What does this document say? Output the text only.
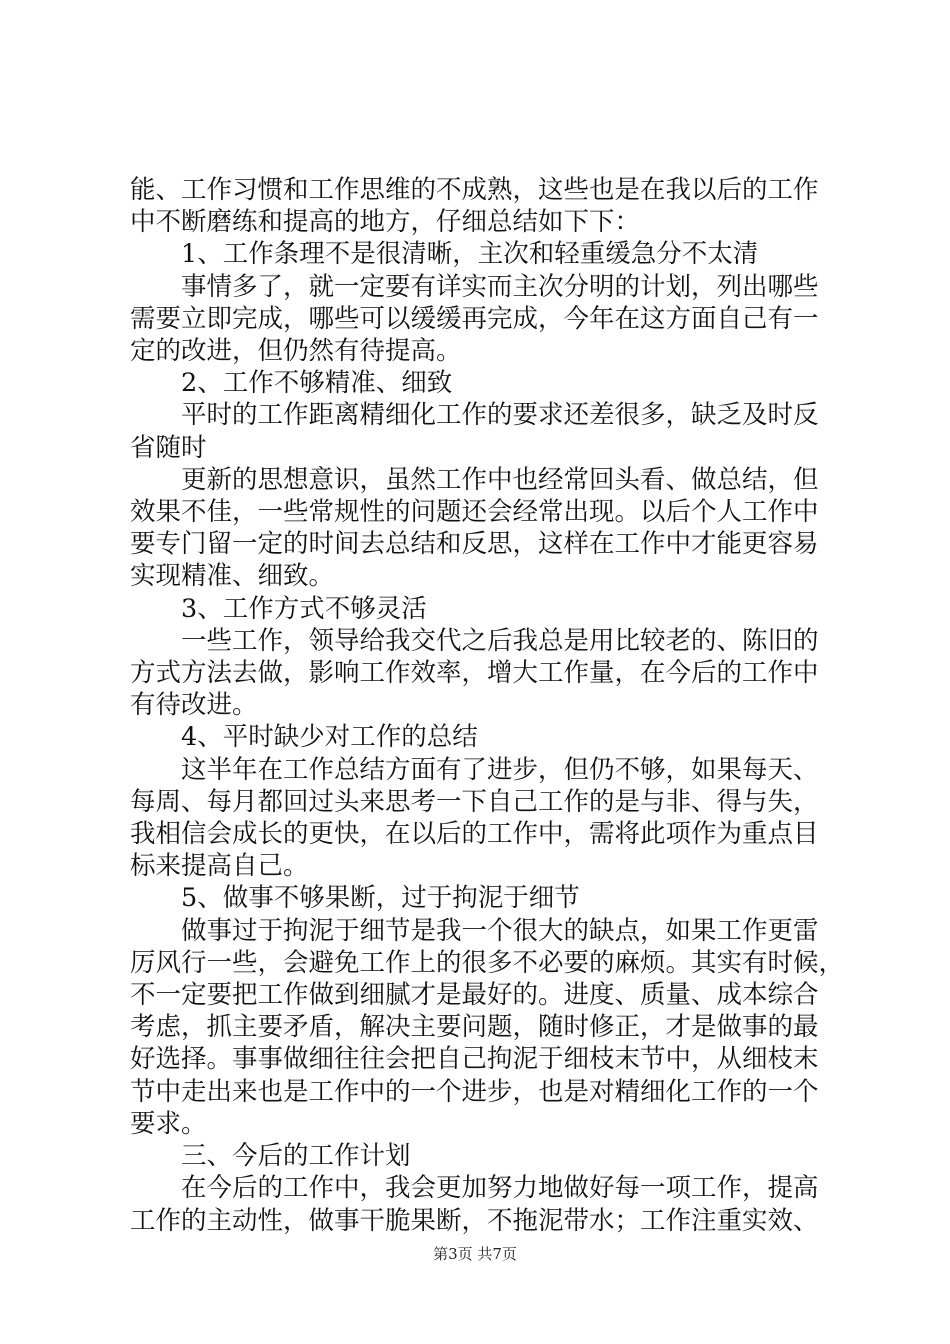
能、工作习惯和工作思维的不成熟，这些也是在我以后的工作

中不断磨练和提高的地方，仔细总结如下下：

1、工作条理不是很清晰，主次和轻重缓急分不太清

事情多了，就一定要有详实而主次分明的计划，列出哪些

需要立即完成，哪些可以缓缓再完成，今年在这方面自己有一

定的改进，但仍然有待提高。

2、工作不够精准、细致

平时的工作距离精细化工作的要求还差很多，缺乏及时反

省随时

更新的思想意识，虽然工作中也经常回头看、做总结，但

效果不佳，一些常规性的问题还会经常出现。以后个人工作中

要专门留一定的时间去总结和反思，这样在工作中才能更容易

实现精准、细致。

3、工作方式不够灵活

一些工作，领导给我交代之后我总是用比较老的、陈旧的

方式方法去做，影响工作效率，增大工作量，在今后的工作中

有待改进。

4、平时缺少对工作的总结

这半年在工作总结方面有了进步，但仍不够，如果每天、

每周、每月都回过头来思考一下自己工作的是与非、得与失，

我相信会成长的更快，在以后的工作中，需将此项作为重点目

标来提高自己。

5、做事不够果断，过于拘泥于细节

做事过于拘泥于细节是我一个很大的缺点，如果工作更雷

厉风行一些，会避免工作上的很多不必要的麻烦。其实有时候，

不一定要把工作做到细腻才是最好的。进度、质量、成本综合

考虑，抓主要矛盾，解决主要问题，随时修正，才是做事的最

好选择。事事做细往往会把自己拘泥于细枝末节中，从细枝末

节中走出来也是工作中的一个进步，也是对精细化工作的一个

要求。

三、今后的工作计划

在今后的工作中，我会更加努力地做好每一项工作，提高

工作的主动性，做事干脆果断，不拖泥带水；工作注重实效、

第3页 共7页
